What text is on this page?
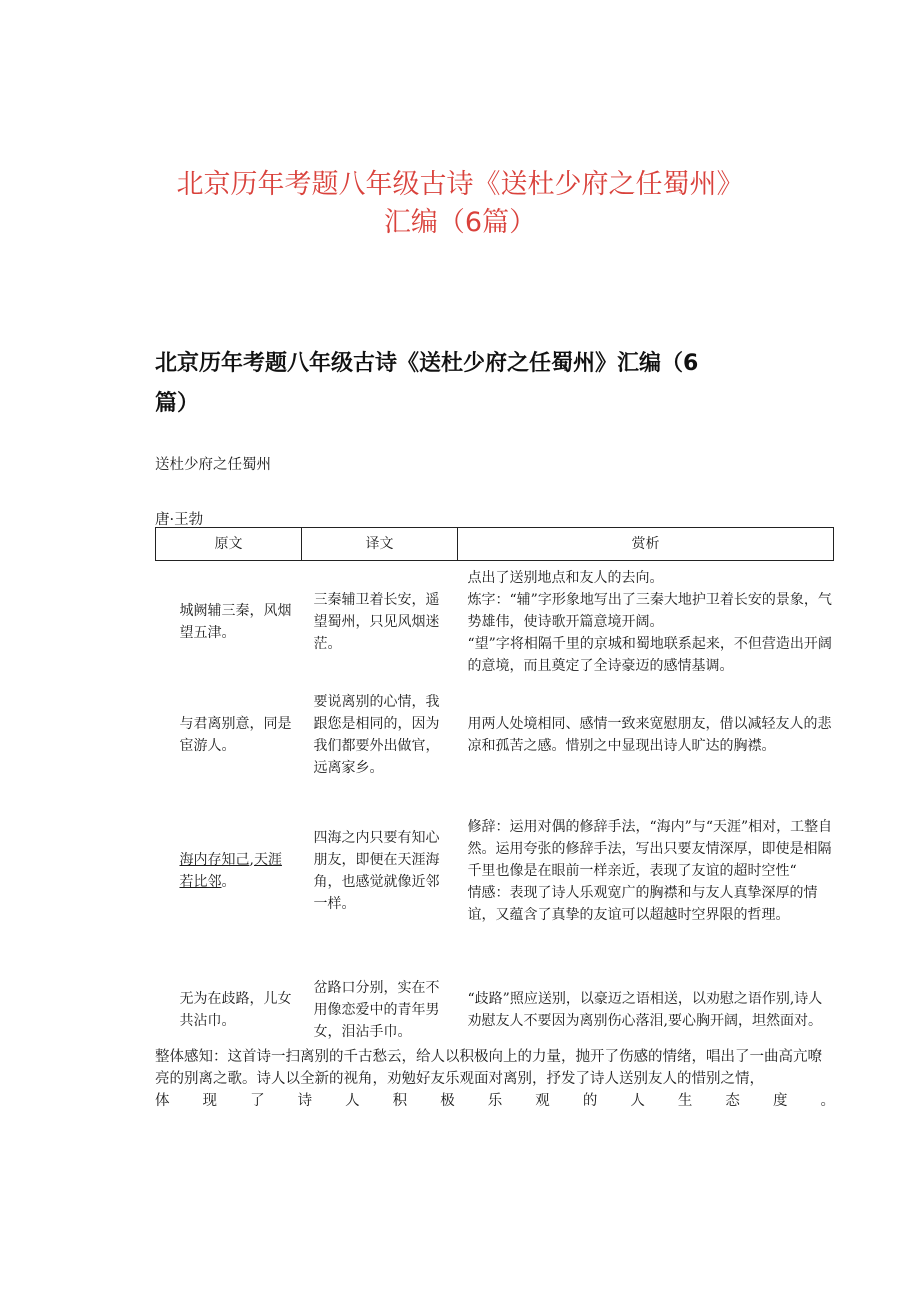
北京历年考题八年级古诗《送杜少府之任蜀州》
汇编（6篇）
北京历年考题八年级古诗《送杜少府之任蜀州》汇编（6
篇）

送杜少府之任蜀州

唐·王勃

原文	译文	赏析
城阙辅三秦，风烟望五津。	三秦辅卫着长安，遥望蜀州，只见风烟迷茫。	点出了送别地点和友人的去向。
炼字：“辅”字形象地写出了三秦大地护卫着长安的景象，气势雄伟，使诗歌开篇意境开阔。
“望”字将相隔千里的京城和蜀地联系起来，不但营造出开阔的意境，而且奠定了全诗豪迈的感情基调。

与君离别意，同是宦游人。	要说离别的心情，我跟您是相同的，因为我们都要外出做官，远离家乡。	用两人处境相同、感情一致来宽慰朋友，借以减轻友人的悲凉和孤苦之感。惜别之中显现出诗人旷达的胸襟。

海内存知己,天涯若比邻。	四海之内只要有知心朋友，即便在天涯海角，也感觉就像近邻一样。	修辞：运用对偶的修辞手法，“海内”与“天涯”相对，工整自然。运用夸张的修辞手法，写出只要友情深厚，即使是相隔千里也像是在眼前一样亲近，表现了友谊的超时空性“
情感：表现了诗人乐观宽广的胸襟和与友人真挚深厚的情谊，又蕴含了真挚的友谊可以超越时空界限的哲理。

无为在歧路，儿女共沾巾。	岔路口分别，实在不用像恋爱中的青年男女，泪沾手巾。	“歧路”照应送别，以豪迈之语相送，以劝慰之语作别,诗人劝慰友人不要因为离别伤心落泪,要心胸开阔，坦然面对。

整体感知：这首诗一扫离别的千古愁云，给人以积极向上的力量，抛开了伤感的情绪，唱出了一曲高亢嘹亮的别离之歌。诗人以全新的视角，劝勉好友乐观面对离别，抒发了诗人送别友人的惜别之情，
体现了诗人积极乐观的人生态度。
